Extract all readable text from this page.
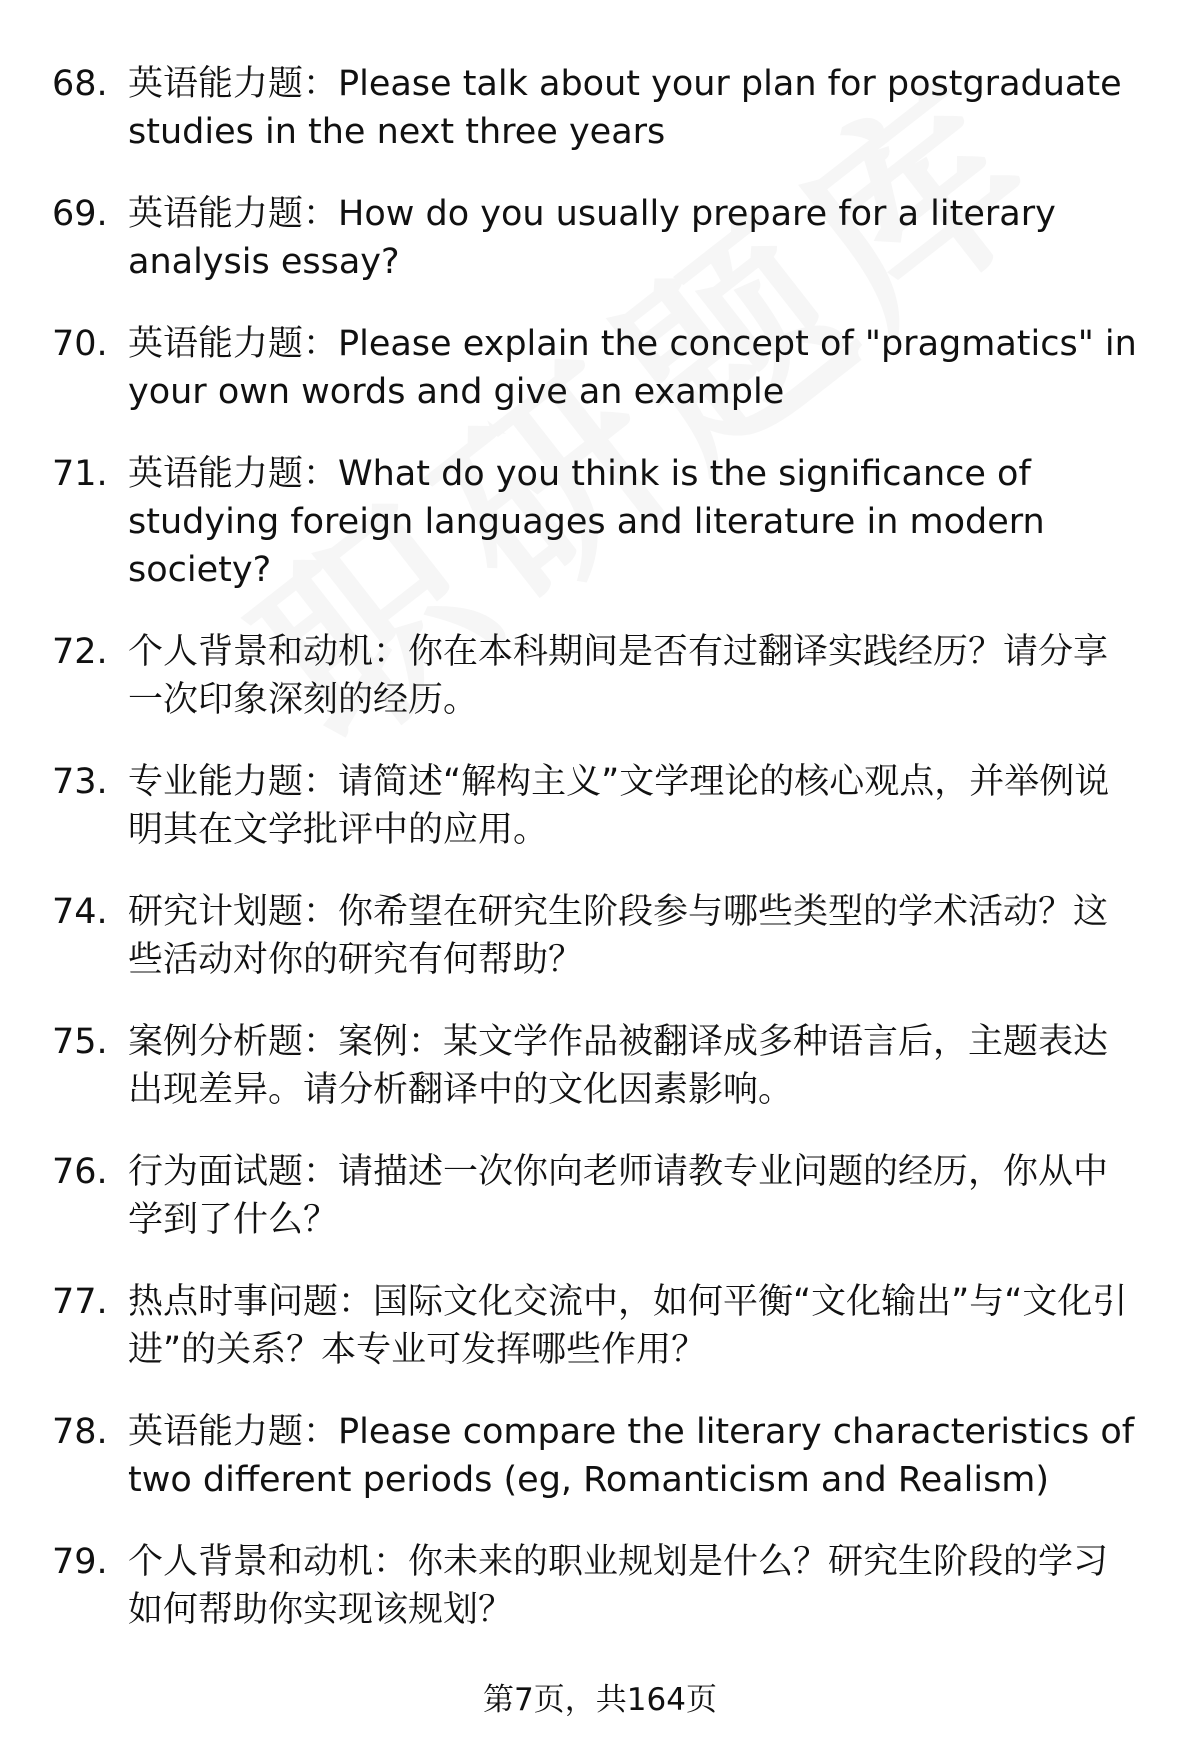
68. 英语能力题：Please talk about your plan for postgraduate studies in the next three years
69. 英语能力题：How do you usually prepare for a literary analysis essay?
70. 英语能力题：Please explain the concept of "pragmatics" in your own words and give an example
71. 英语能力题：What do you think is the significance of studying foreign languages and literature in modern society?
72. 个人背景和动机：你在本科期间是否有过翻译实践经历？请分享一次印象深刻的经历。
73. 专业能力题：请简述“解构主义”文学理论的核心观点，并举例说明其在文学批评中的应用。
74. 研究计划题：你希望在研究生阶段参与哪些类型的学术活动？这些活动对你的研究有何帮助？
75. 案例分析题：案例：某文学作品被翻译成多种语言后，主题表达出现差异。请分析翻译中的文化因素影响。
76. 行为面试题：请描述一次你向老师请教专业问题的经历，你从中学到了什么？
77. 热点时事问题：国际文化交流中，如何平衡“文化输出”与“文化引进”的关系？本专业可发挥哪些作用？
78. 英语能力题：Please compare the literary characteristics of two different periods (eg, Romanticism and Realism)
79. 个人背景和动机：你未来的职业规划是什么？研究生阶段的学习如何帮助你实现该规划？
第7页，共164页
